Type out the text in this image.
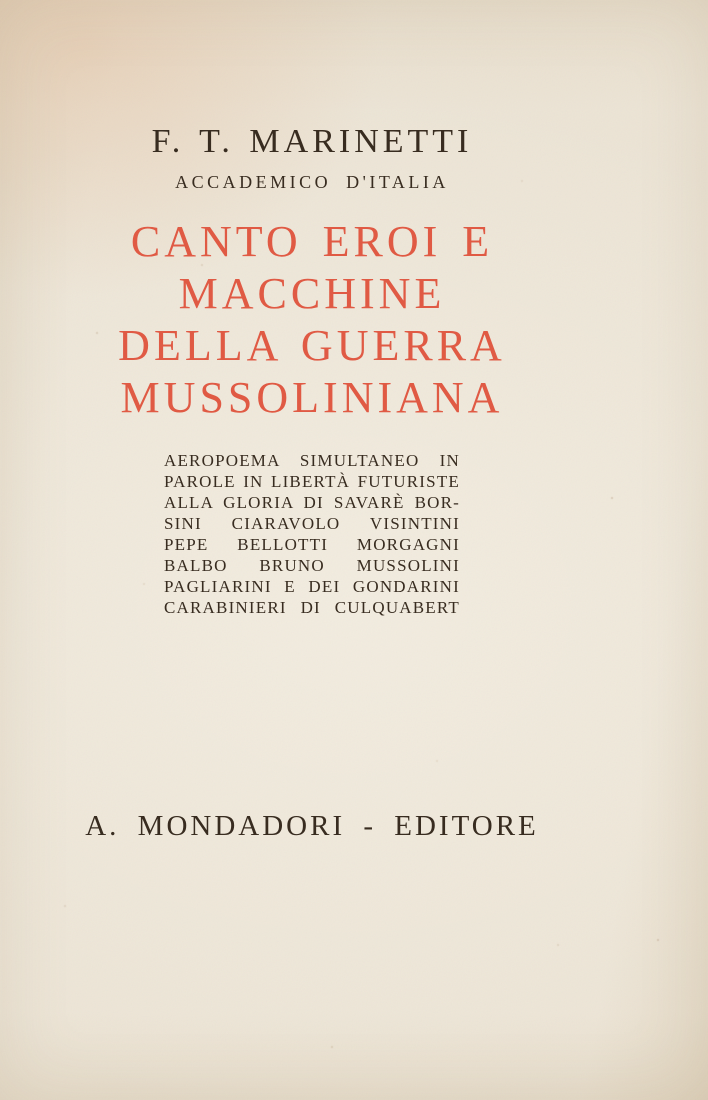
F. T. MARINETTI
ACCADEMICO D'ITALIA
CANTO EROI E
MACCHINE
DELLA GUERRA
MUSSOLINIANA
AEROPOEMA SIMULTANEO IN
PAROLE IN LIBERTÀ FUTURISTE
ALLA GLORIA DI SAVARÈ BOR-
SINI CIARAVOLO VISINTINI
PEPE BELLOTTI MORGAGNI
BALBO BRUNO MUSSOLINI
PAGLIARINI E DEI GONDARINI
CARABINIERI DI CULQUABERT
A. MONDADORI - EDITORE
